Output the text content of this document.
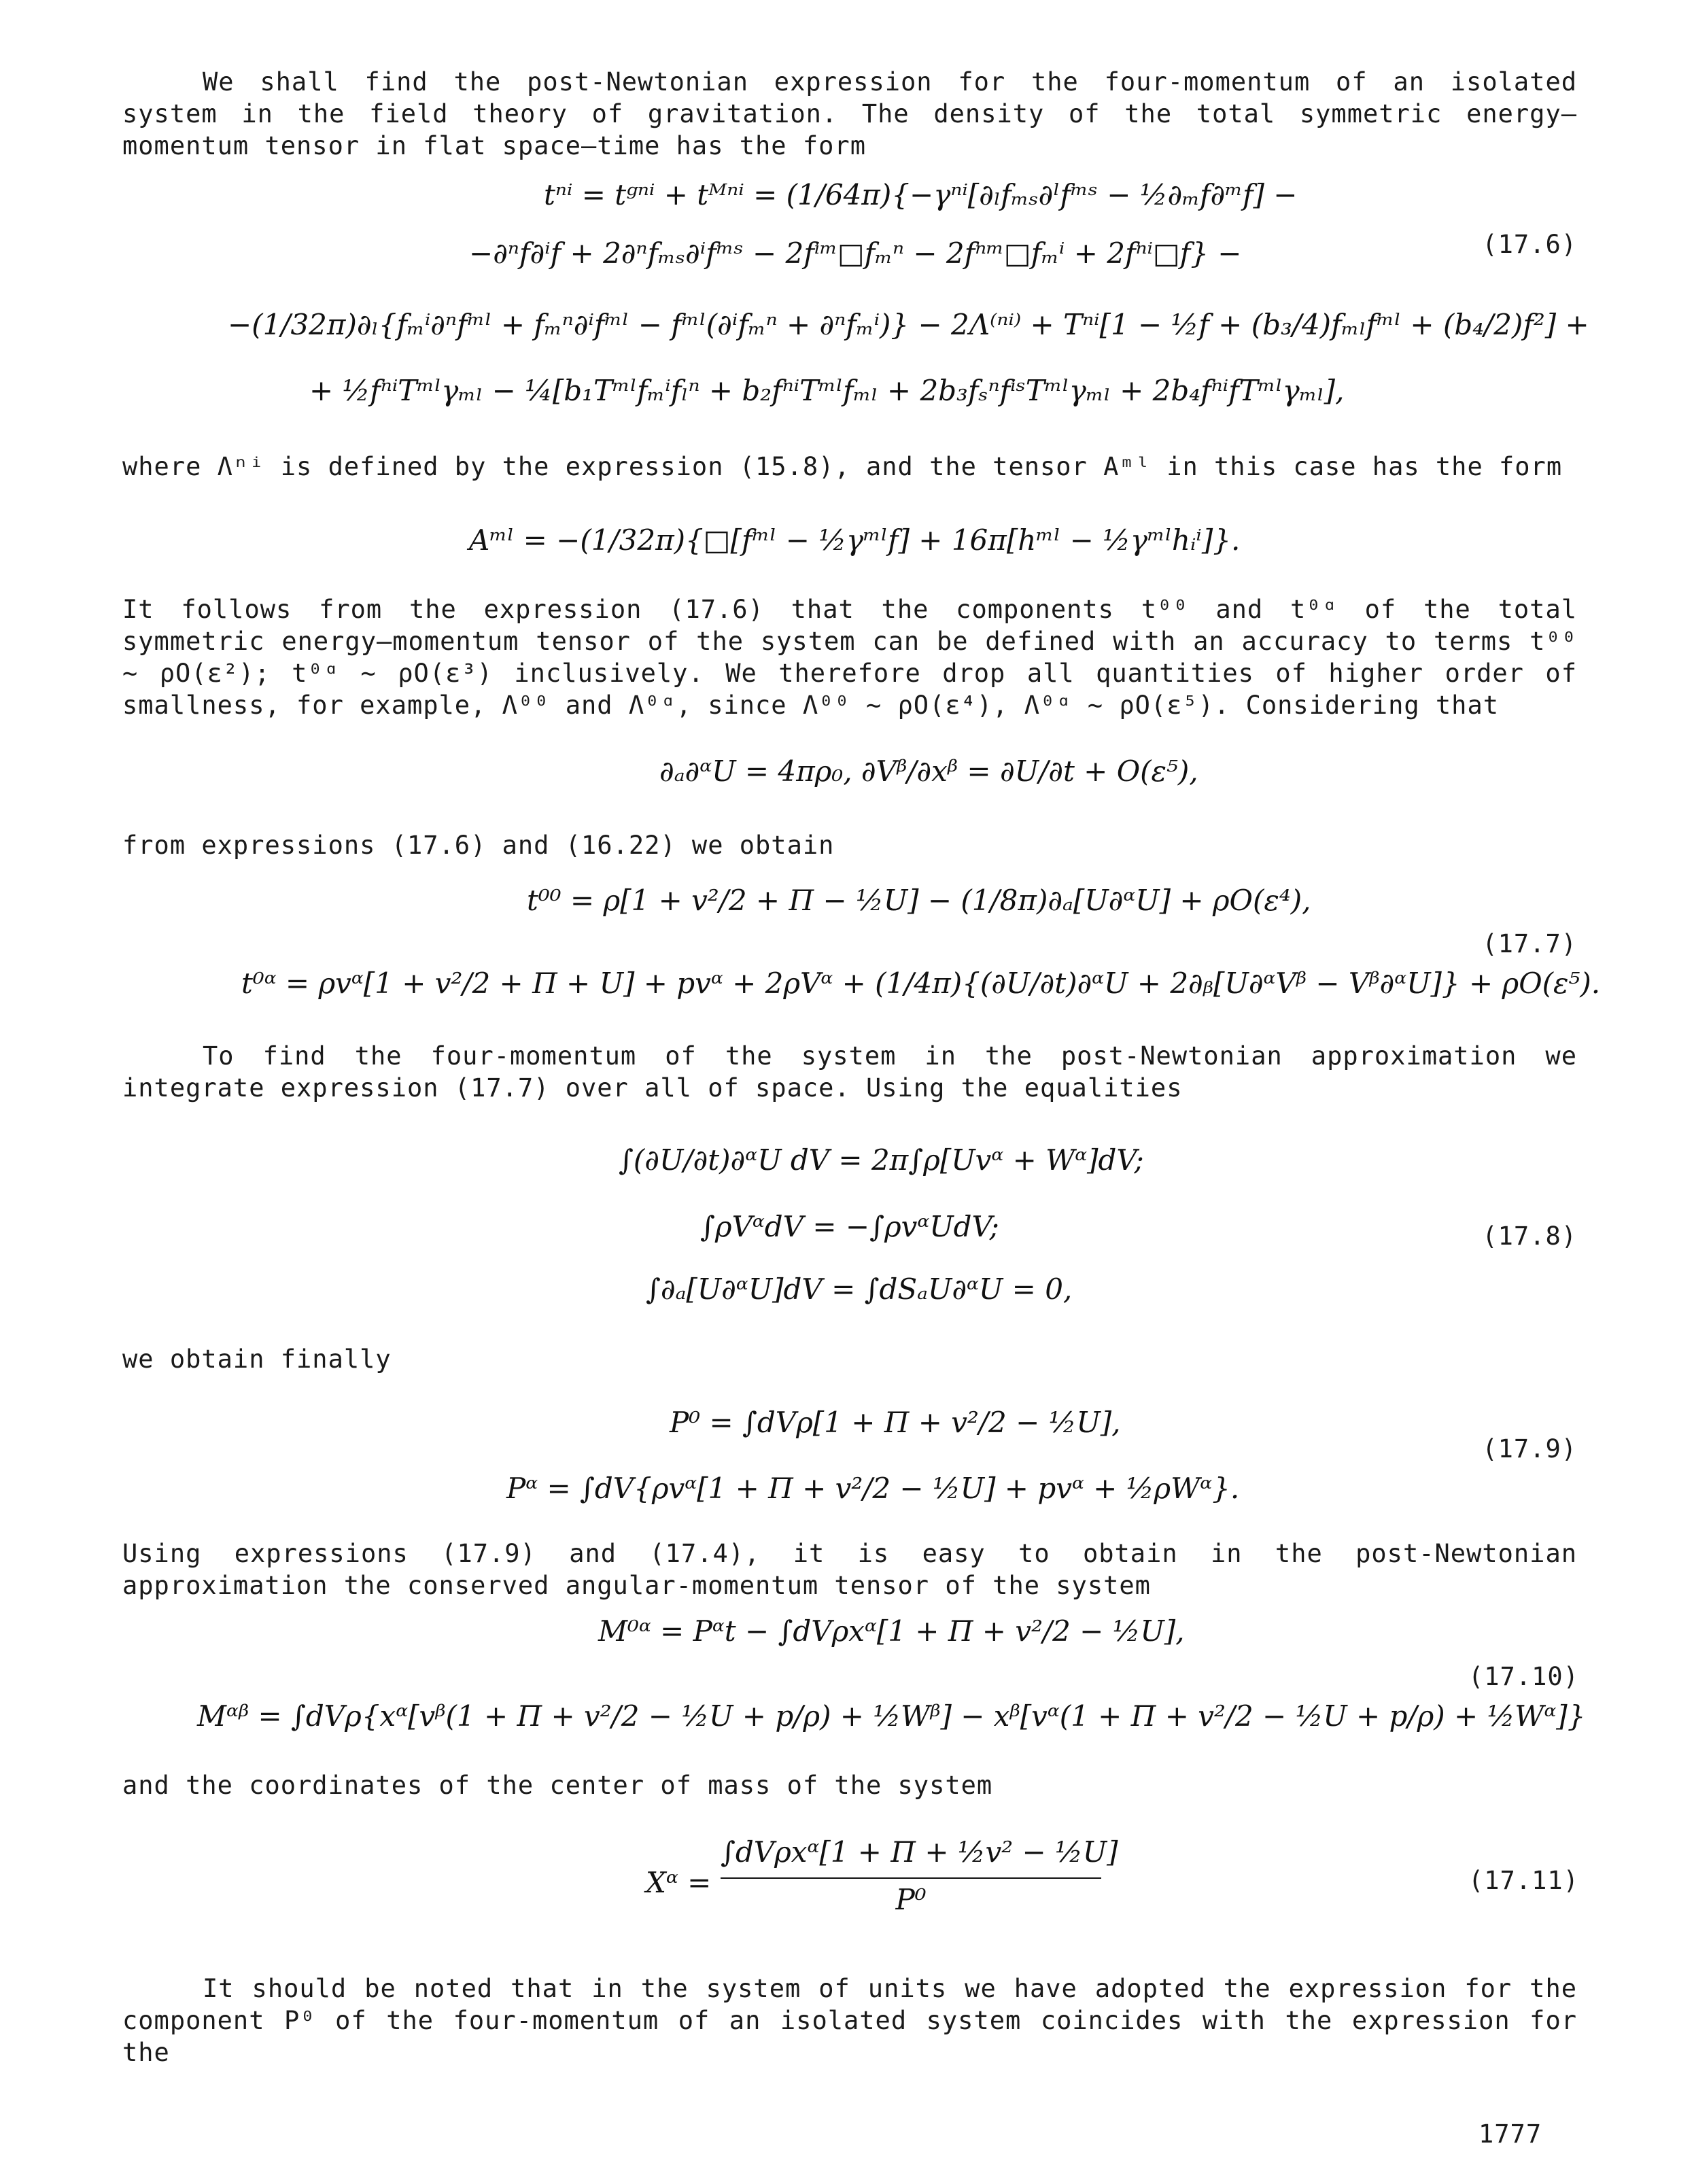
We shall find the post-Newtonian expression for the four-momentum of an isolated system in the field theory of gravitation. The density of the total symmetric energy—momentum tensor in flat space—time has the form
tⁿⁱ = tᵍⁿⁱ + tᴹⁿⁱ = (1/64π){−γⁿⁱ[∂ₗfₘₛ∂ˡfᵐˢ − ½∂ₘf∂ᵐf] −
−∂ⁿf∂ⁱf + 2∂ⁿfₘₛ∂ⁱfᵐˢ − 2fⁱᵐ□fₘⁿ − 2fⁿᵐ□fₘⁱ + 2fⁿⁱ□f} −
−(1/32π)∂ₗ{fₘⁱ∂ⁿfᵐˡ + fₘⁿ∂ⁱfᵐˡ − fᵐˡ(∂ⁱfₘⁿ + ∂ⁿfₘⁱ)} − 2Λ⁽ⁿⁱ⁾ + Tⁿⁱ[1 − ½f + (b₃/4)fₘₗfᵐˡ + (b₄/2)f²] +
+ ½fⁿⁱTᵐˡγₘₗ − ¼[b₁Tᵐˡfₘⁱfₗⁿ + b₂fⁿⁱTᵐˡfₘₗ + 2b₃fₛⁿfⁱˢTᵐˡγₘₗ + 2b₄fⁿⁱfTᵐˡγₘₗ],
(17.6)
where Λⁿⁱ is defined by the expression (15.8), and the tensor Aᵐˡ in this case has the form
Aᵐˡ = −(1/32π){□[fᵐˡ − ½γᵐˡf] + 16π[hᵐˡ − ½γᵐˡhᵢⁱ]}.
It follows from the expression (17.6) that the components t⁰⁰ and t⁰ᵅ of the total symmetric energy—momentum tensor of the system can be defined with an accuracy to terms t⁰⁰ ∼ ρO(ε²); t⁰ᵅ ∼ ρO(ε³) inclusively. We therefore drop all quantities of higher order of smallness, for example, Λ⁰⁰ and Λ⁰ᵅ, since Λ⁰⁰ ∼ ρO(ε⁴), Λ⁰ᵅ ∼ ρO(ε⁵). Considering that
∂ₐ∂ᵅU = 4πρ₀, ∂Vᵝ/∂xᵝ = ∂U/∂t + O(ε⁵),
from expressions (17.6) and (16.22) we obtain
t⁰⁰ = ρ[1 + v²/2 + Π − ½U] − (1/8π)∂ₐ[U∂ᵅU] + ρO(ε⁴),
t⁰ᵅ = ρvᵅ[1 + v²/2 + Π + U] + pvᵅ + 2ρVᵅ + (1/4π){(∂U/∂t)∂ᵅU + 2∂ᵦ[U∂ᵅVᵝ − Vᵝ∂ᵅU]} + ρO(ε⁵).
(17.7)
To find the four-momentum of the system in the post-Newtonian approximation we integrate expression (17.7) over all of space. Using the equalities
∫(∂U/∂t)∂ᵅU dV = 2π∫ρ[Uvᵅ + Wᵅ]dV;
∫ρVᵅdV = −∫ρvᵅUdV;
∫∂ₐ[U∂ᵅU]dV = ∫dSₐU∂ᵅU = 0,
(17.8)
we obtain finally
P⁰ = ∫dVρ[1 + Π + v²/2 − ½U],
Pᵅ = ∫dV{ρvᵅ[1 + Π + v²/2 − ½U] + pvᵅ + ½ρWᵅ}.
(17.9)
Using expressions (17.9) and (17.4), it is easy to obtain in the post-Newtonian approximation the conserved angular-momentum tensor of the system
M⁰ᵅ = Pᵅt − ∫dVρxᵅ[1 + Π + v²/2 − ½U],
Mᵅᵝ = ∫dVρ{xᵅ[vᵝ(1 + Π + v²/2 − ½U + p/ρ) + ½Wᵝ] − xᵝ[vᵅ(1 + Π + v²/2 − ½U + p/ρ) + ½Wᵅ]}
(17.10)
and the coordinates of the center of mass of the system
Xᵅ =
∫dVρxᵅ[1 + Π + ½v² − ½U]
P⁰
(17.11)
It should be noted that in the system of units we have adopted the expression for the component P⁰ of the four-momentum of an isolated system coincides with the expression for the
1777
